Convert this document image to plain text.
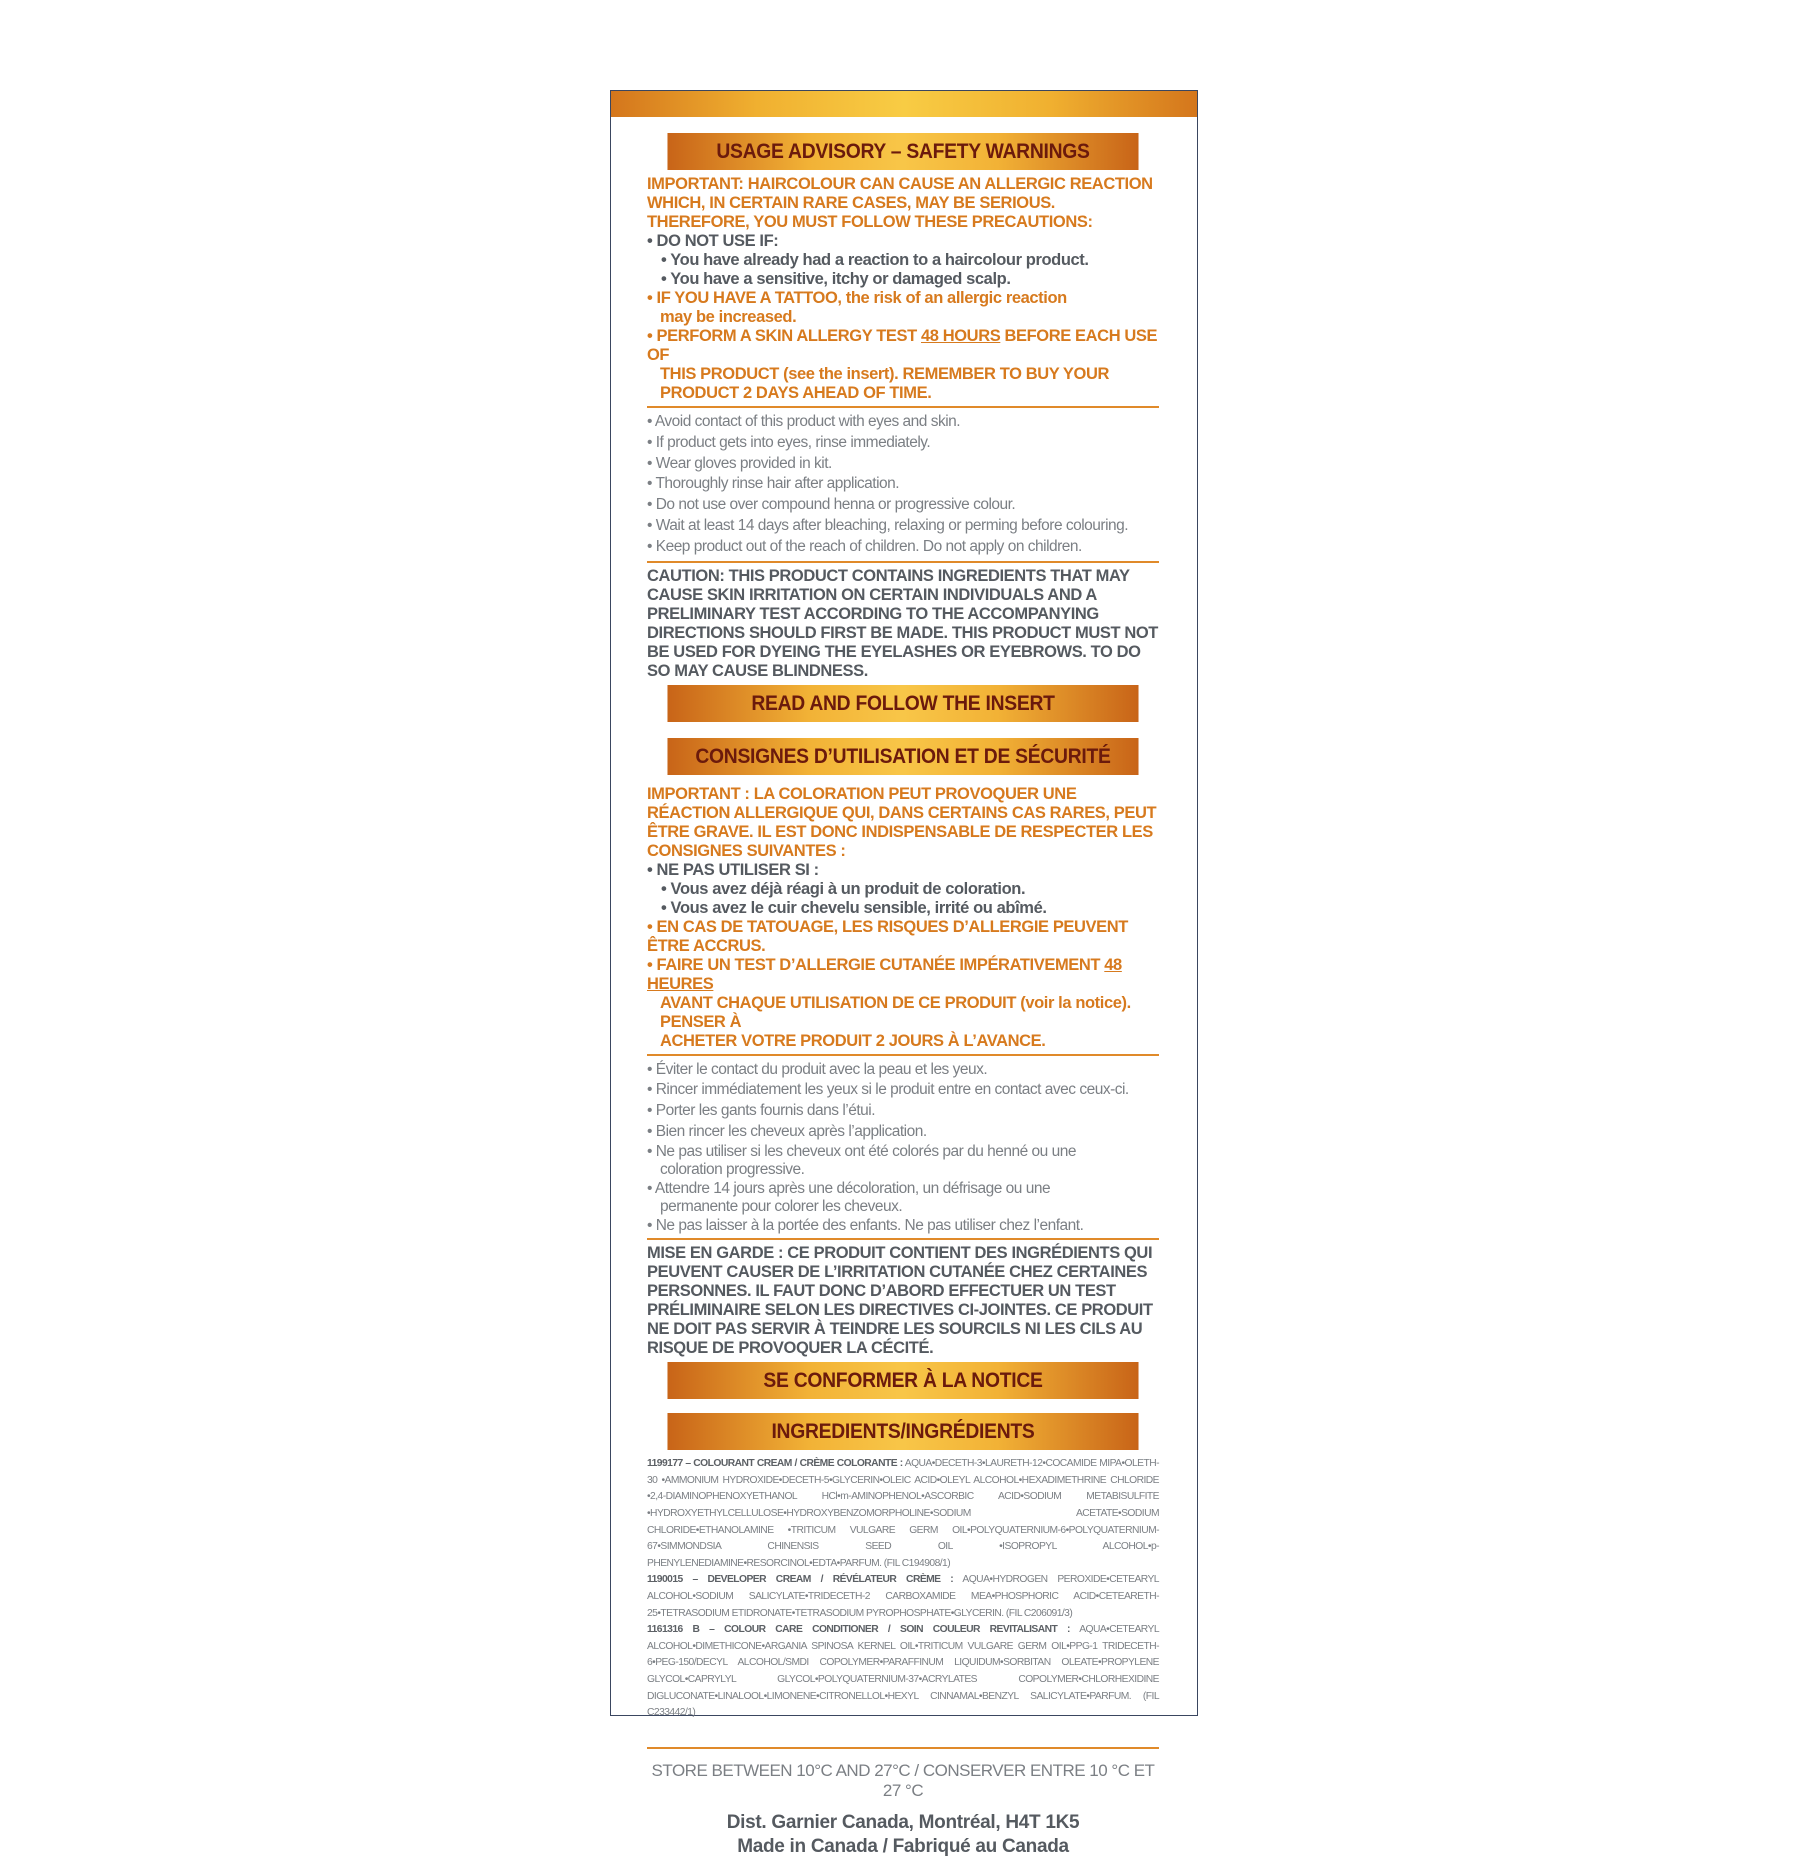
USAGE ADVISORY – SAFETY WARNINGS
IMPORTANT: HAIRCOLOUR CAN CAUSE AN ALLERGIC REACTION WHICH, IN CERTAIN RARE CASES, MAY BE SERIOUS. THEREFORE, YOU MUST FOLLOW THESE PRECAUTIONS:
• DO NOT USE IF:
• You have already had a reaction to a haircolour product.
• You have a sensitive, itchy or damaged scalp.
• IF YOU HAVE A TATTOO, the risk of an allergic reaction
may be increased.
• PERFORM A SKIN ALLERGY TEST 48 HOURS BEFORE EACH USE OF
THIS PRODUCT (see the insert). REMEMBER TO BUY YOUR
PRODUCT 2 DAYS AHEAD OF TIME.
• Avoid contact of this product with eyes and skin.
• If product gets into eyes, rinse immediately.
• Wear gloves provided in kit.
• Thoroughly rinse hair after application.
• Do not use over compound henna or progressive colour.
• Wait at least 14 days after bleaching, relaxing or perming before colouring.
• Keep product out of the reach of children. Do not apply on children.
CAUTION: THIS PRODUCT CONTAINS INGREDIENTS THAT MAY CAUSE SKIN IRRITATION ON CERTAIN INDIVIDUALS AND A PRELIMINARY TEST ACCORDING TO THE ACCOMPANYING DIRECTIONS SHOULD FIRST BE MADE. THIS PRODUCT MUST NOT BE USED FOR DYEING THE EYELASHES OR EYEBROWS. TO DO SO MAY CAUSE BLINDNESS.
READ AND FOLLOW THE INSERT
CONSIGNES D’UTILISATION ET DE SÉCURITÉ
IMPORTANT : LA COLORATION PEUT PROVOQUER UNE RÉACTION ALLERGIQUE QUI, DANS CERTAINS CAS RARES, PEUT ÊTRE GRAVE. IL EST DONC INDISPENSABLE DE RESPECTER LES CONSIGNES SUIVANTES :
• NE PAS UTILISER SI :
• Vous avez déjà réagi à un produit de coloration.
• Vous avez le cuir chevelu sensible, irrité ou abîmé.
• EN CAS DE TATOUAGE, LES RISQUES D’ALLERGIE PEUVENT ÊTRE ACCRUS.
• FAIRE UN TEST D’ALLERGIE CUTANÉE IMPÉRATIVEMENT 48 HEURES
AVANT CHAQUE UTILISATION DE CE PRODUIT (voir la notice). PENSER À
ACHETER VOTRE PRODUIT 2 JOURS À L’AVANCE.
• Éviter le contact du produit avec la peau et les yeux.
• Rincer immédiatement les yeux si le produit entre en contact avec ceux-ci.
• Porter les gants fournis dans l’étui.
• Bien rincer les cheveux après l’application.
• Ne pas utiliser si les cheveux ont été colorés par du henné ou une
coloration progressive.
• Attendre 14 jours après une décoloration, un défrisage ou une
permanente pour colorer les cheveux.
• Ne pas laisser à la portée des enfants. Ne pas utiliser chez l’enfant.
MISE EN GARDE : CE PRODUIT CONTIENT DES INGRÉDIENTS QUI PEUVENT CAUSER DE L’IRRITATION CUTANÉE CHEZ CERTAINES PERSONNES. IL FAUT DONC D’ABORD EFFECTUER UN TEST PRÉLIMINAIRE SELON LES DIRECTIVES CI-JOINTES. CE PRODUIT NE DOIT PAS SERVIR À TEINDRE LES SOURCILS NI LES CILS AU RISQUE DE PROVOQUER LA CÉCITÉ.
SE CONFORMER À LA NOTICE
INGREDIENTS/INGRÉDIENTS
1199177 – COLOURANT CREAM / CRÈME COLORANTE : AQUA•DECETH-3•LAURETH-12•COCAMIDE MIPA•OLETH-30 •AMMONIUM HYDROXIDE•DECETH-5•GLYCERIN•OLEIC ACID•OLEYL ALCOHOL•HEXADIMETHRINE CHLORIDE •2,4-DIAMINOPHENOXYETHANOL HCl•m-AMINOPHENOL•ASCORBIC ACID•SODIUM METABISULFITE •HYDROXYETHYLCELLULOSE•HYDROXYBENZOMORPHOLINE•SODIUM ACETATE•SODIUM CHLORIDE•ETHANOLAMINE •TRITICUM VULGARE GERM OIL•POLYQUATERNIUM-6•POLYQUATERNIUM-67•SIMMONDSIA CHINENSIS SEED OIL •ISOPROPYL ALCOHOL•p-PHENYLENEDIAMINE•RESORCINOL•EDTA•PARFUM. (FIL C194908/1)
1190015 – DEVELOPER CREAM / RÉVÉLATEUR CRÈME : AQUA•HYDROGEN PEROXIDE•CETEARYL ALCOHOL•SODIUM SALICYLATE•TRIDECETH-2 CARBOXAMIDE MEA•PHOSPHORIC ACID•CETEARETH-25•TETRASODIUM ETIDRONATE•TETRASODIUM PYROPHOSPHATE•GLYCERIN. (FIL C206091/3)
1161316 B – COLOUR CARE CONDITIONER / SOIN COULEUR REVITALISANT : AQUA•CETEARYL ALCOHOL•DIMETHICONE•ARGANIA SPINOSA KERNEL OIL•TRITICUM VULGARE GERM OIL•PPG-1 TRIDECETH-6•PEG-150/DECYL ALCOHOL/SMDI COPOLYMER•PARAFFINUM LIQUIDUM•SORBITAN OLEATE•PROPYLENE GLYCOL•CAPRYLYL GLYCOL•POLYQUATERNIUM-37•ACRYLATES COPOLYMER•CHLORHEXIDINE DIGLUCONATE•LINALOOL•LIMONENE•CITRONELLOL•HEXYL CINNAMAL•BENZYL SALICYLATE•PARFUM. (FIL C233442/1)
STORE BETWEEN 10°C AND 27°C / CONSERVER ENTRE 10 °C ET 27 °C
Dist. Garnier Canada, Montréal, H4T 1K5
Made in Canada / Fabriqué au Canada
